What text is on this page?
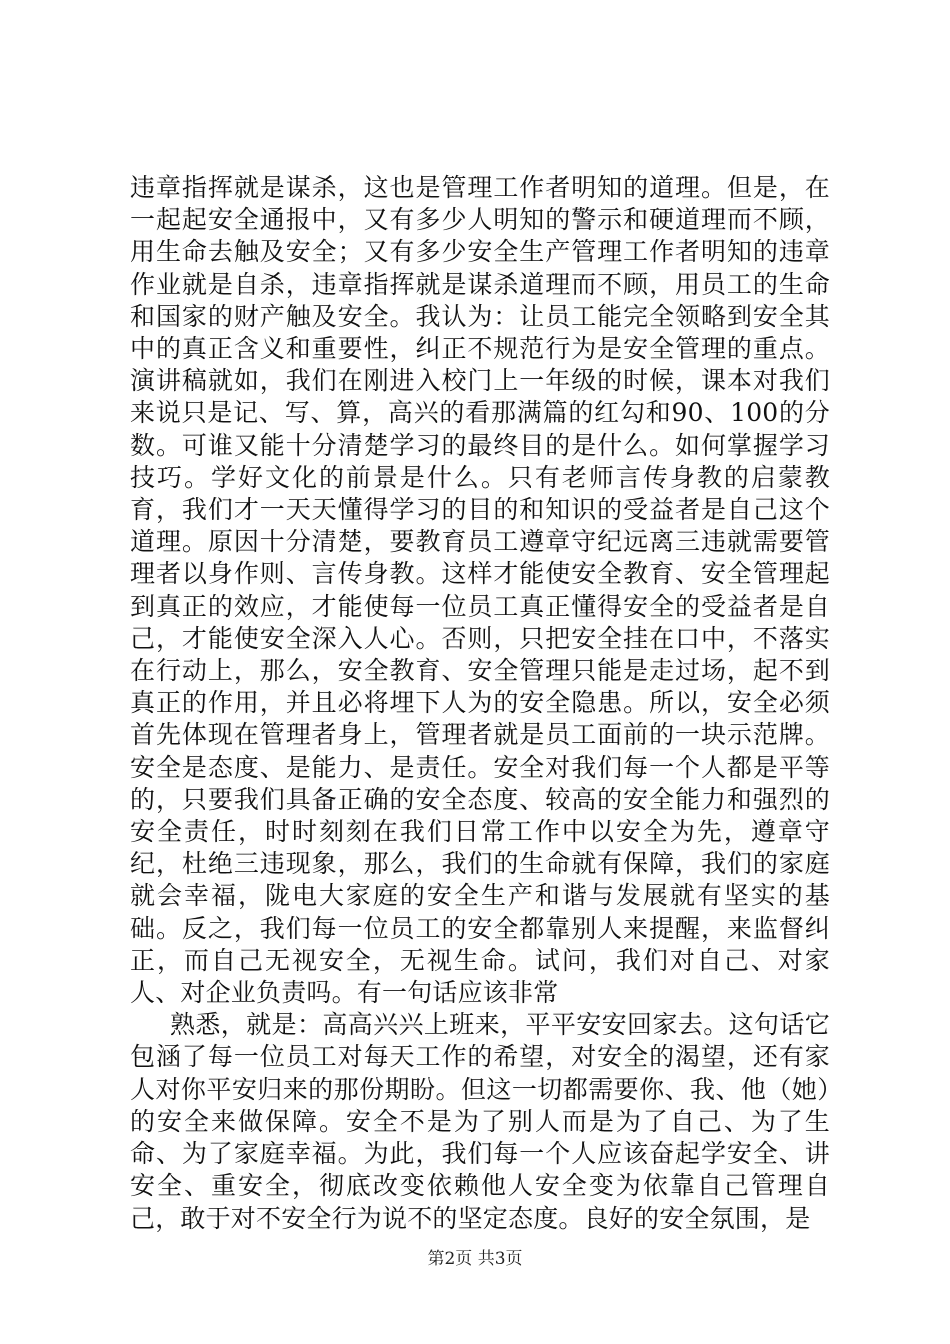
违章指挥就是谋杀，这也是管理工作者明知的道理。但是，在一起起安全通报中，又有多少人明知的警示和硬道理而不顾，用生命去触及安全；又有多少安全生产管理工作者明知的违章作业就是自杀，违章指挥就是谋杀道理而不顾，用员工的生命和国家的财产触及安全。我认为：让员工能完全领略到安全其中的真正含义和重要性，纠正不规范行为是安全管理的重点。演讲稿就如，我们在刚进入校门上一年级的时候，课本对我们来说只是记、写、算，高兴的看那满篇的红勾和90、100的分数。可谁又能十分清楚学习的最终目的是什么。如何掌握学习技巧。学好文化的前景是什么。只有老师言传身教的启蒙教育，我们才一天天懂得学习的目的和知识的受益者是自己这个道理。原因十分清楚，要教育员工遵章守纪远离三违就需要管理者以身作则、言传身教。这样才能使安全教育、安全管理起到真正的效应，才能使每一位员工真正懂得安全的受益者是自己，才能使安全深入人心。否则，只把安全挂在口中，不落实在行动上，那么，安全教育、安全管理只能是走过场，起不到真正的作用，并且必将埋下人为的安全隐患。所以，安全必须首先体现在管理者身上，管理者就是员工面前的一块示范牌。安全是态度、是能力、是责任。安全对我们每一个人都是平等的，只要我们具备正确的安全态度、较高的安全能力和强烈的安全责任，时时刻刻在我们日常工作中以安全为先，遵章守纪，杜绝三违现象，那么，我们的生命就有保障，我们的家庭就会幸福，陇电大家庭的安全生产和谐与发展就有坚实的基础。反之，我们每一位员工的安全都靠别人来提醒，来监督纠正，而自己无视安全，无视生命。试问，我们对自己、对家人、对企业负责吗。有一句话应该非常

熟悉，就是：高高兴兴上班来，平平安安回家去。这句话它包涵了每一位员工对每天工作的希望，对安全的渴望，还有家人对你平安归来的那份期盼。但这一切都需要你、我、他（她）的安全来做保障。安全不是为了别人而是为了自己、为了生命、为了家庭幸福。为此，我们每一个人应该奋起学安全、讲安全、重安全，彻底改变依赖他人安全变为依靠自己管理自己，敢于对不安全行为说不的坚定态度。良好的安全氛围，是

第2页 共3页
